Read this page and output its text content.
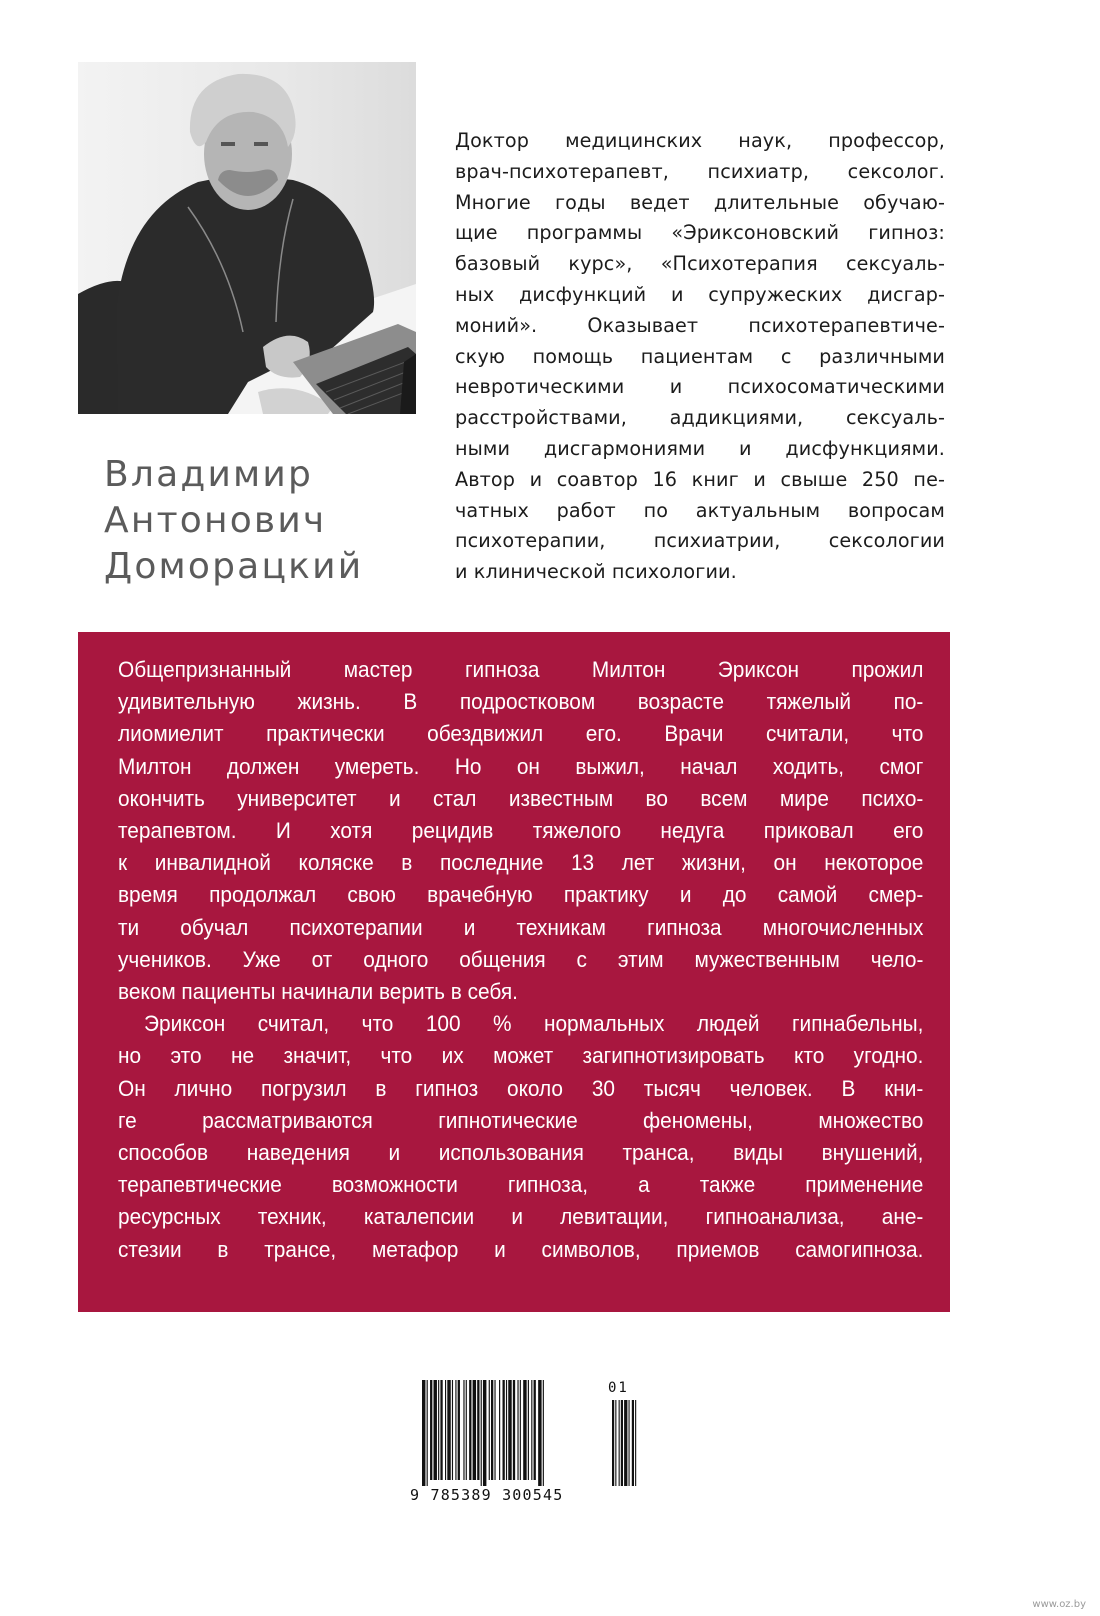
Владимир
Антонович
Доморацкий
Доктор медицинских наук, профессор,
врач-психотерапевт, психиатр, сексолог.
Многие годы ведет длительные обучаю-
щие программы «Эриксоновский гипноз:
базовый курс», «Психотерапия сексуаль-
ных дисфункций и супружеских дисгар-
моний». Оказывает психотерапевтиче-
скую помощь пациентам с различными
невротическими и психосоматическими
расстройствами, аддикциями, сексуаль-
ными дисгармониями и дисфункциями.
Автор и соавтор 16 книг и свыше 250 пе-
чатных работ по актуальным вопросам
психотерапии, психиатрии, сексологии
и клинической психологии.
Общепризнанный мастер гипноза Милтон Эриксон прожил
удивительную жизнь. В подростковом возрасте тяжелый по-
лиомиелит практически обездвижил его. Врачи считали, что
Милтон должен умереть. Но он выжил, начал ходить, смог
окончить университет и стал известным во всем мире психо-
терапевтом. И хотя рецидив тяжелого недуга приковал его
к инвалидной коляске в последние 13 лет жизни, он некоторое
время продолжал свою врачебную практику и до самой смер-
ти обучал психотерапии и техникам гипноза многочисленных
учеников. Уже от одного общения с этим мужественным чело-
веком пациенты начинали верить в себя.
Эриксон считал, что 100 % нормальных людей гипнабельны,
но это не значит, что их может загипнотизировать кто угодно.
Он лично погрузил в гипноз около 30 тысяч человек. В кни-
ге рассматриваются гипнотические феномены, множество
способов наведения и использования транса, виды внушений,
терапевтические возможности гипноза, а также применение
ресурсных техник, каталепсии и левитации, гипноанализа, ане-
стезии в трансе, метафор и символов, приемов самогипноза.
9 785389 300545
01
www.oz.by
